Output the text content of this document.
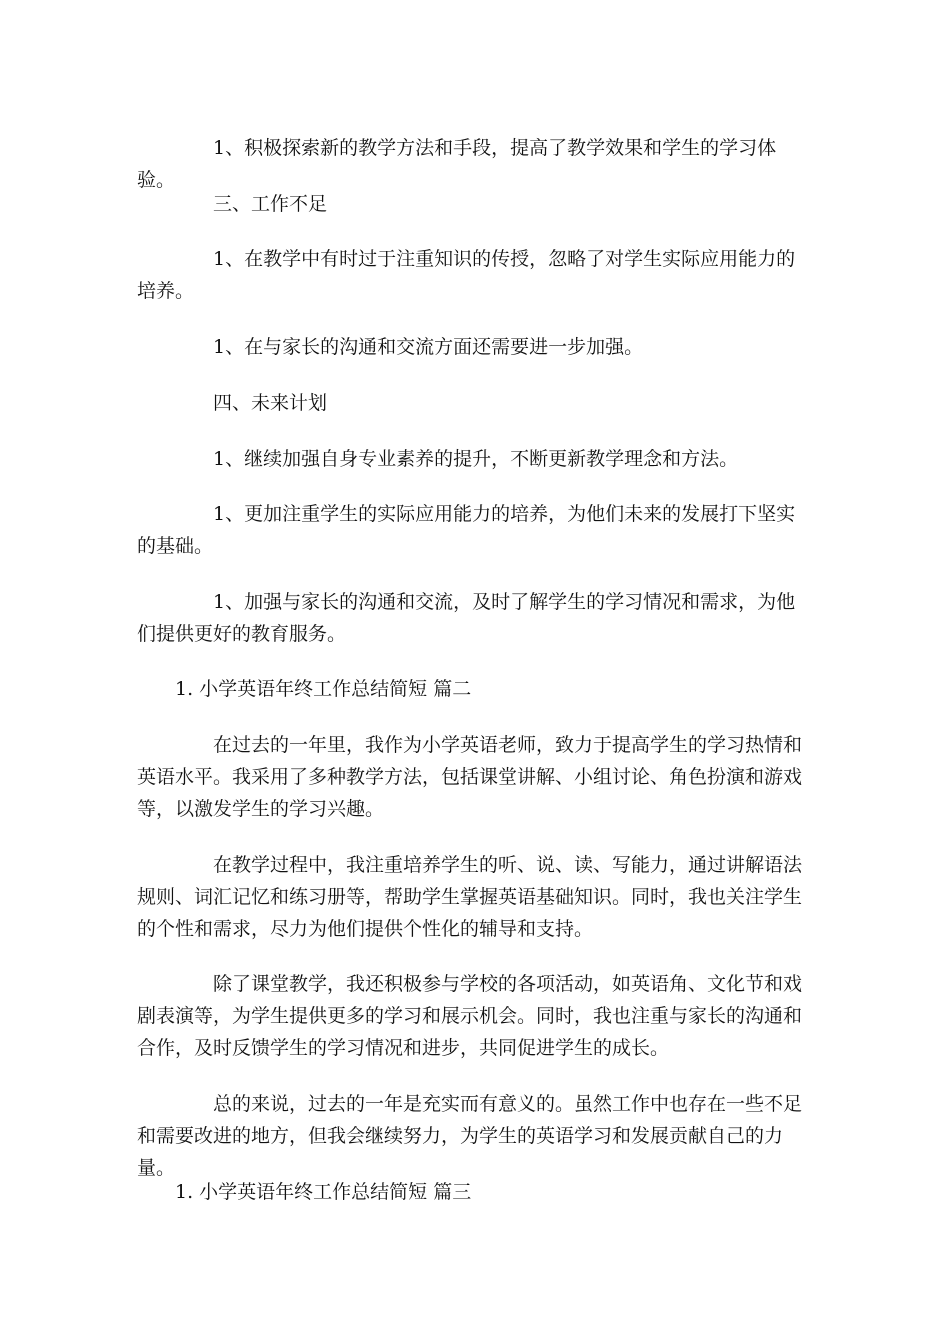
1、积极探索新的教学方法和手段，提高了教学效果和学生的学习体验。

三、工作不足

1、在教学中有时过于注重知识的传授，忽略了对学生实际应用能力的培养。

1、在与家长的沟通和交流方面还需要进一步加强。

四、未来计划

1、继续加强自身专业素养的提升，不断更新教学理念和方法。

1、更加注重学生的实际应用能力的培养，为他们未来的发展打下坚实的基础。

1、加强与家长的沟通和交流，及时了解学生的学习情况和需求，为他们提供更好的教育服务。

1. 小学英语年终工作总结简短 篇二

在过去的一年里，我作为小学英语老师，致力于提高学生的学习热情和英语水平。我采用了多种教学方法，包括课堂讲解、小组讨论、角色扮演和游戏等，以激发学生的学习兴趣。

在教学过程中，我注重培养学生的听、说、读、写能力，通过讲解语法规则、词汇记忆和练习册等，帮助学生掌握英语基础知识。同时，我也关注学生的个性和需求，尽力为他们提供个性化的辅导和支持。

除了课堂教学，我还积极参与学校的各项活动，如英语角、文化节和戏剧表演等，为学生提供更多的学习和展示机会。同时，我也注重与家长的沟通和合作，及时反馈学生的学习情况和进步，共同促进学生的成长。

总的来说，过去的一年是充实而有意义的。虽然工作中也存在一些不足和需要改进的地方，但我会继续努力，为学生的英语学习和发展贡献自己的力量。

1. 小学英语年终工作总结简短 篇三
